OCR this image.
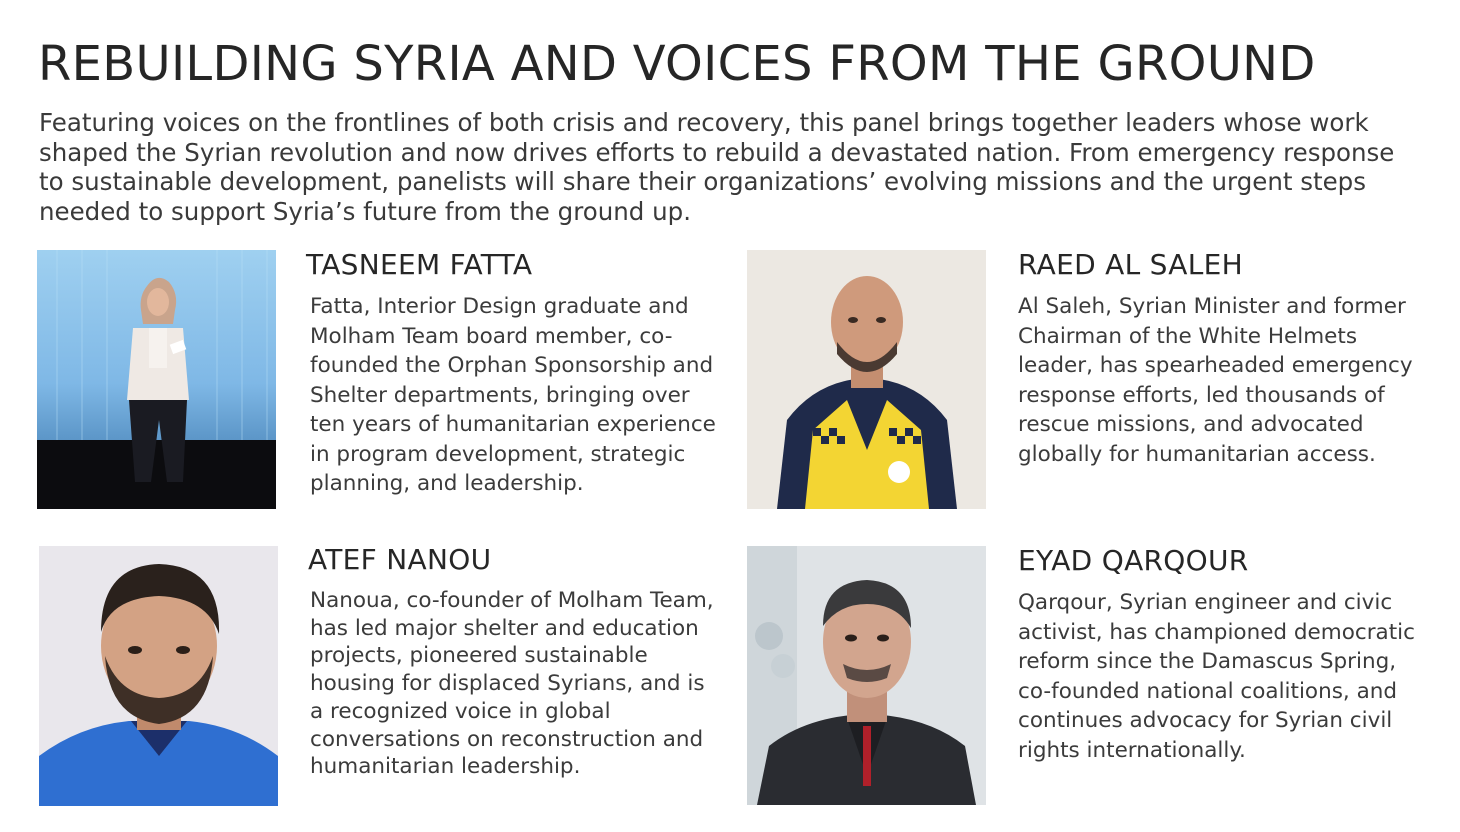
REBUILDING SYRIA AND VOICES FROM THE GROUND

Featuring voices on the frontlines of both crisis and recovery, this panel brings together leaders whose work shaped the Syrian revolution and now drives efforts to rebuild a devastated nation. From emergency response to sustainable development, panelists will share their organizations’ evolving missions and the urgent steps needed to support Syria’s future from the ground up.

TASNEEM FATTA

Fatta, Interior Design graduate and Molham Team board member, co-founded the Orphan Sponsorship and Shelter departments, bringing over ten years of humanitarian experience in program development, strategic planning, and leadership.

RAED AL SALEH

Al Saleh, Syrian Minister and former Chairman of the White Helmets leader, has spearheaded emergency response efforts, led thousands of rescue missions, and advocated globally for humanitarian access.

ATEF NANOU

Nanoua, co-founder of Molham Team, has led major shelter and education projects, pioneered sustainable housing for displaced Syrians, and is a recognized voice in global conversations on reconstruction and humanitarian leadership.

EYAD QARQOUR

Qarqour, Syrian engineer and civic activist, has championed democratic reform since the Damascus Spring, co-founded national coalitions, and continues advocacy for Syrian civil rights internationally.
